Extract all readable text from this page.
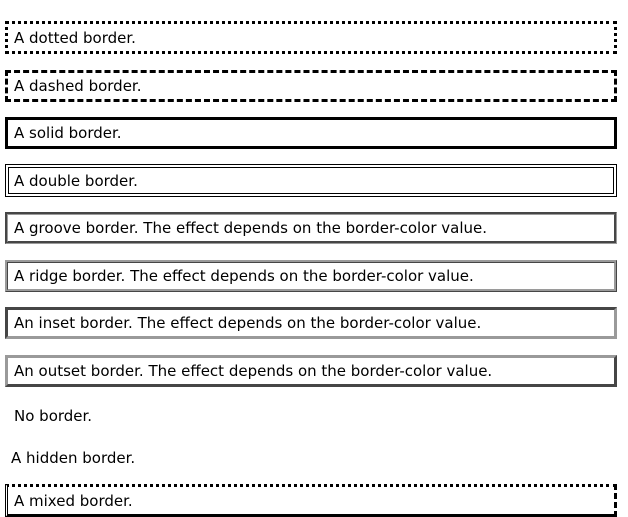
A dotted border.

A dashed border.

A solid border.

A double border.

A groove border. The effect depends on the border-color value.

A ridge border. The effect depends on the border-color value.

An inset border. The effect depends on the border-color value.

An outset border. The effect depends on the border-color value.

No border.

A hidden border.

A mixed border.
